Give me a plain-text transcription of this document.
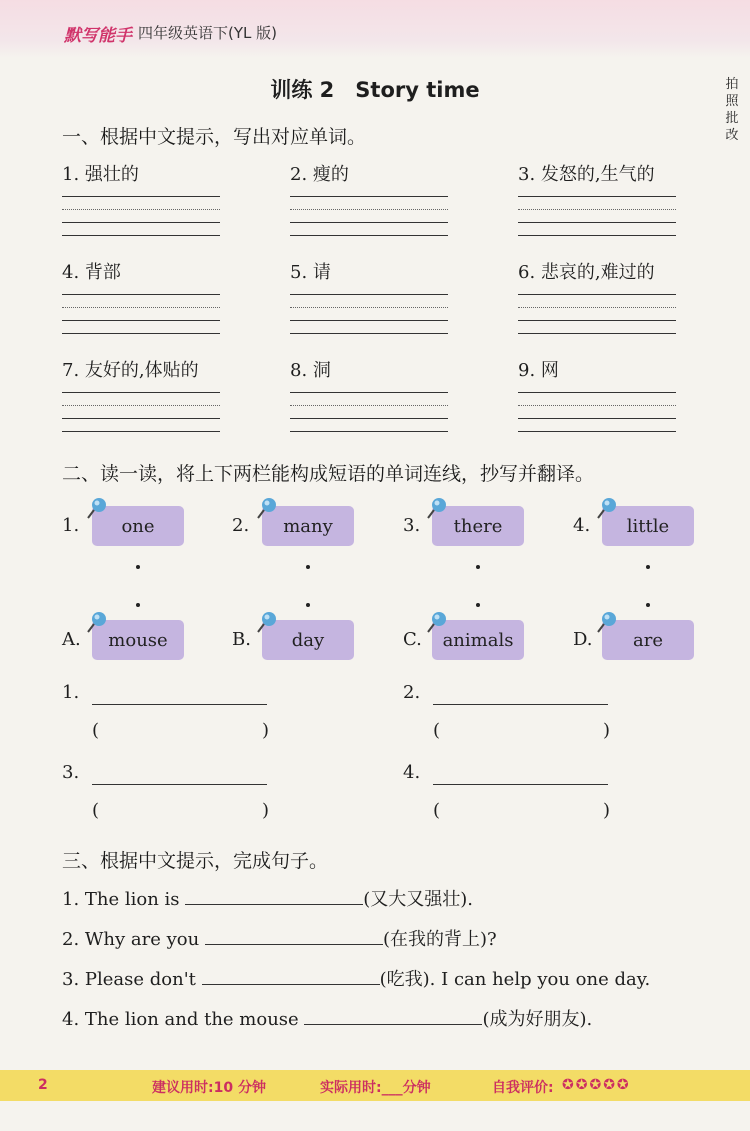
默写能手 四年级英语下(YL 版)
拍照批改
训练 2　Story time
一、根据中文提示，写出对应单词。
1. 强壮的	2. 瘦的	3. 发怒的,生气的
4. 背部	5. 请	6. 悲哀的,难过的
7. 友好的,体贴的	8. 洞	9. 网
二、读一读，将上下两栏能构成短语的单词连线，抄写并翻译。
1. one	2. many	3. there	4. little
A. mouse	B. day	C. animals	D. are
1.
(	)
2.
(	)
3.
(	)
4.
(	)
三、根据中文提示，完成句子。
1. The lion is	(又大又强壮).
2. Why are you	(在我的背上)?
3. Please don't	(吃我). I can help you one day.
4. The lion and the mouse	(成为好朋友).
2	建议用时:10 分钟	实际用时:___分钟	自我评价: ✪✪✪✪✪
